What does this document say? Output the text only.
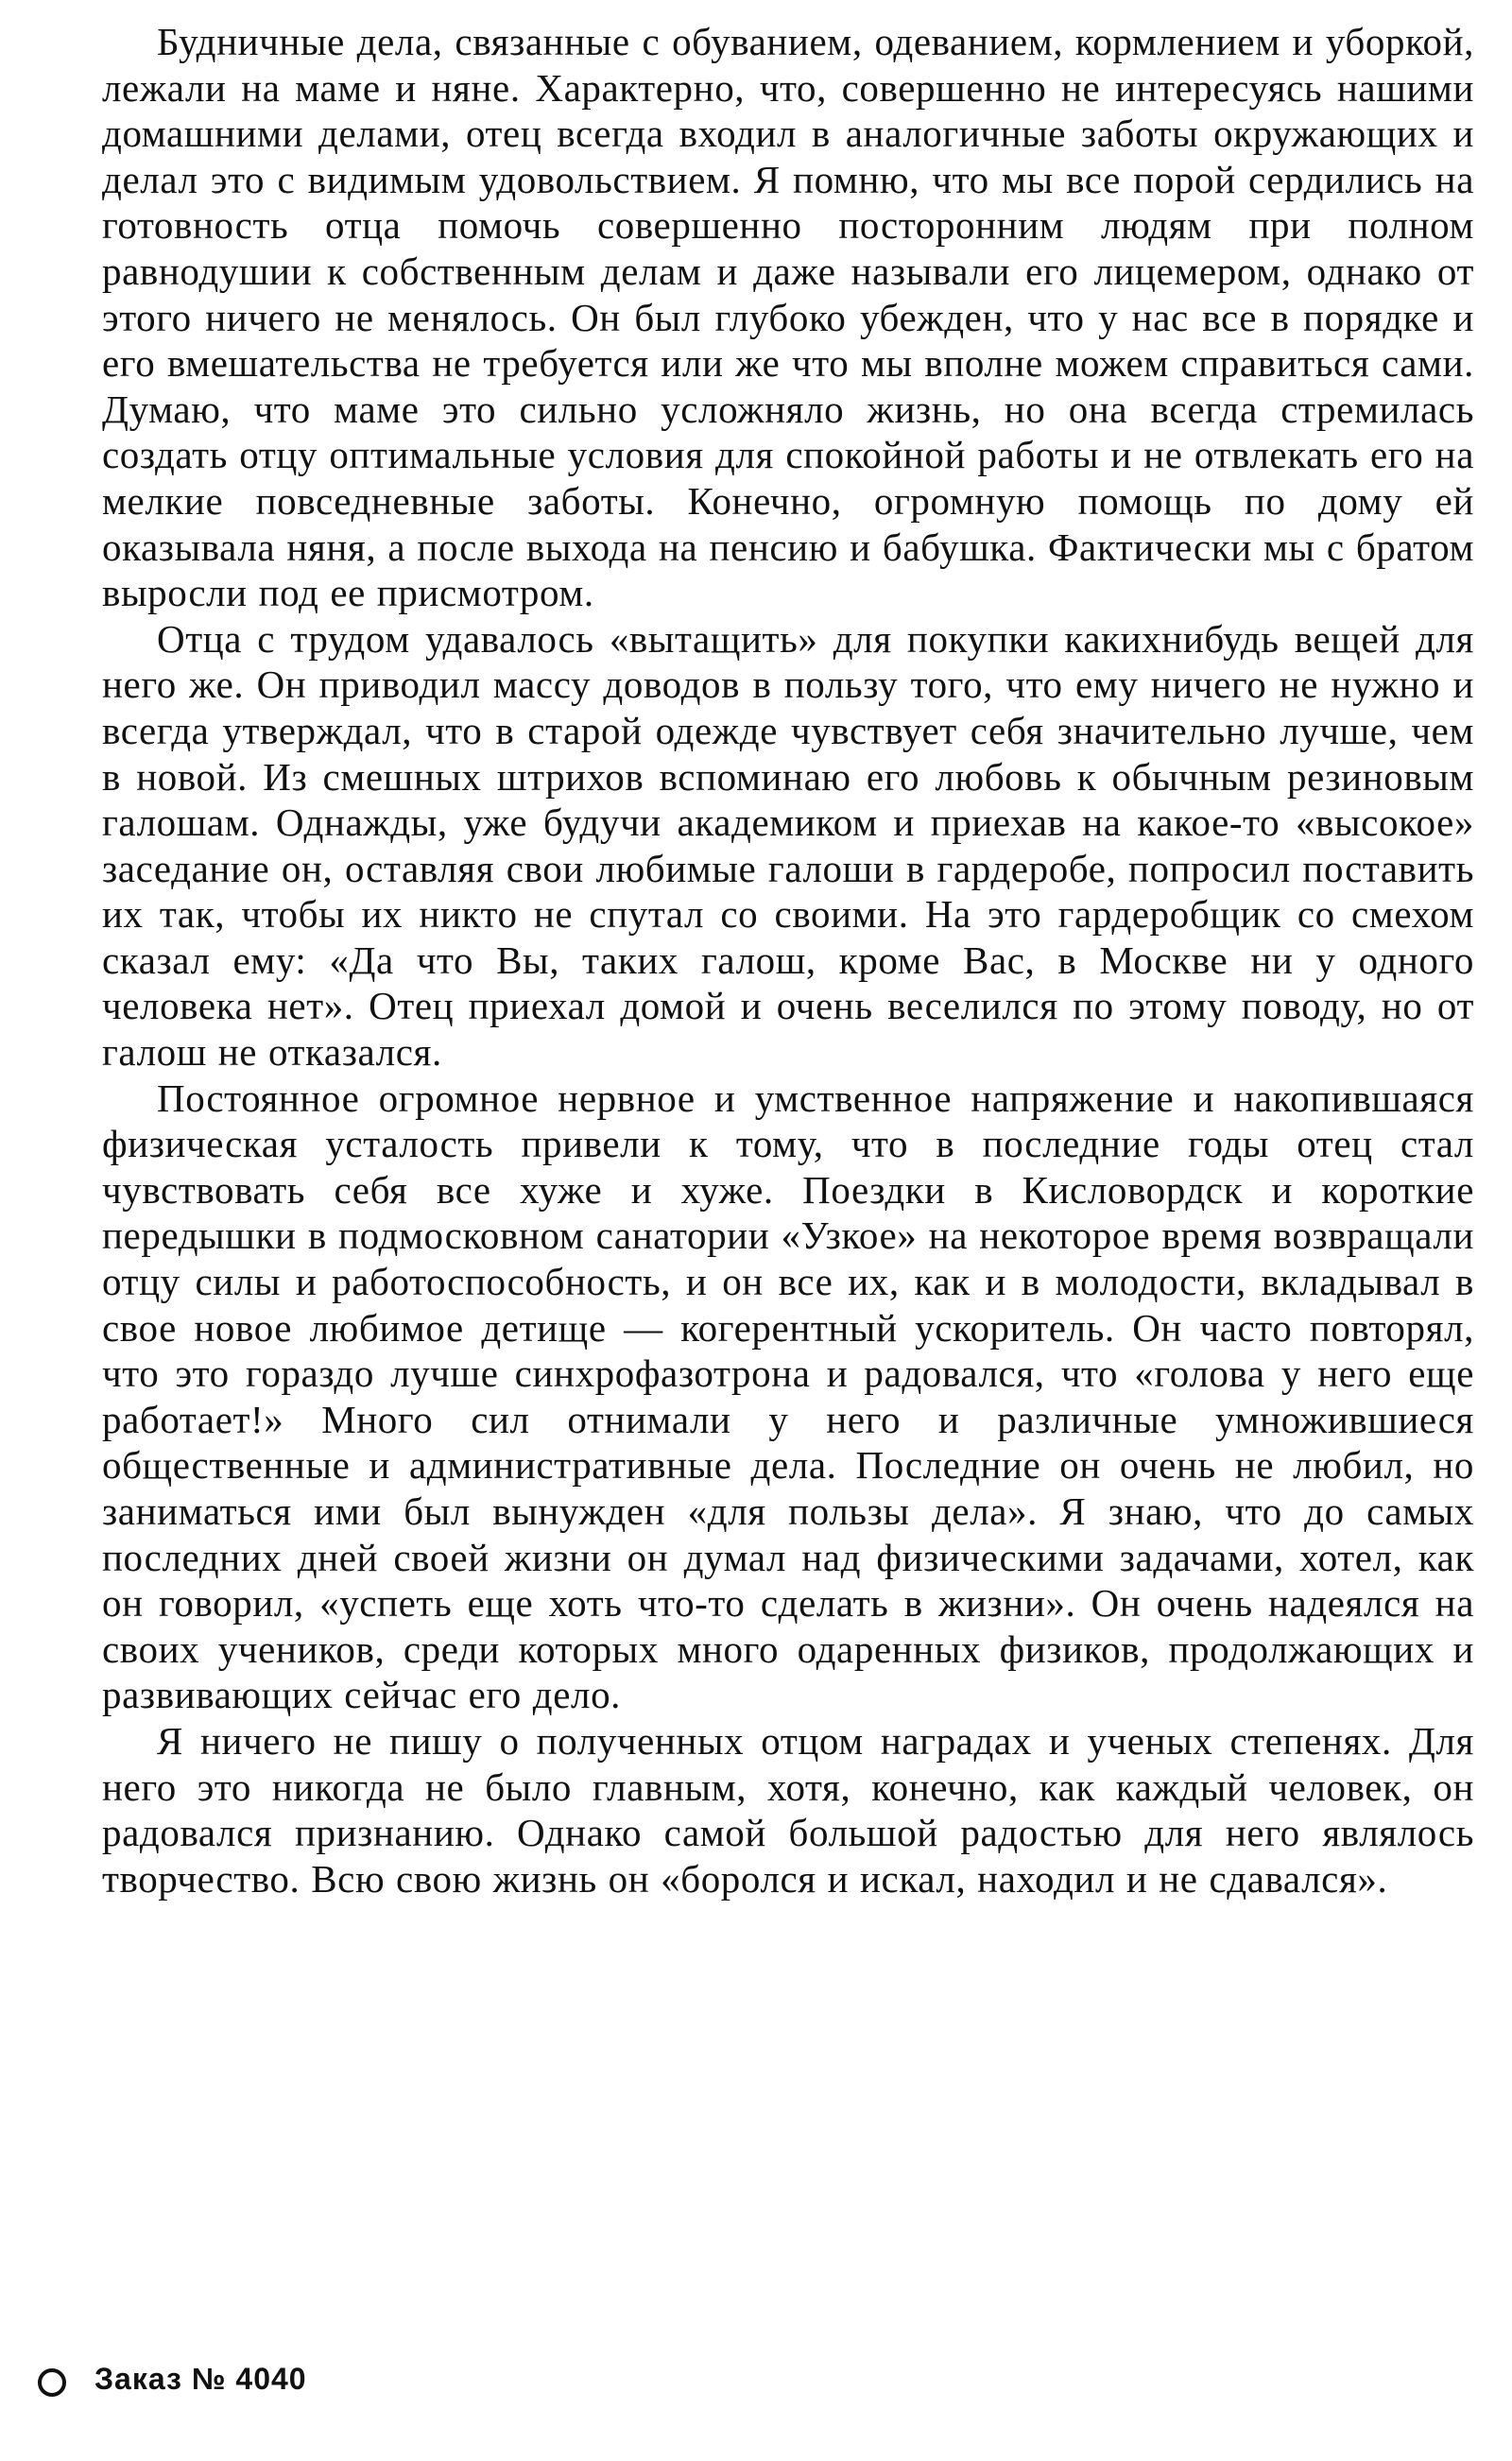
Будничные дела, связанные с обуванием, одеванием, кормлением и уборкой, лежали на маме и няне. Характерно, что, совершенно не интересуясь нашими домашними делами, отец всегда входил в аналогичные заботы окружающих и делал это с видимым удовольствием. Я помню, что мы все порой сердились на готовность отца помочь совершенно посторонним людям при полном равнодушии к собственным делам и даже называли его лицемером, однако от этого ничего не менялось. Он был глубоко убежден, что у нас все в порядке и его вмешательства не требуется или же что мы вполне можем справиться сами. Думаю, что маме это сильно усложняло жизнь, но она всегда стремилась создать отцу оптимальные условия для спокойной работы и не отвлекать его на мелкие повседневные заботы. Конечно, огромную помощь по дому ей оказывала няня, а после выхода на пенсию и бабушка. Фактически мы с братом выросли под ее присмотром.

Отца с трудом удавалось «вытащить» для покупки какихнибудь вещей для него же. Он приводил массу доводов в пользу того, что ему ничего не нужно и всегда утверждал, что в старой одежде чувствует себя значительно лучше, чем в новой. Из смешных штрихов вспоминаю его любовь к обычным резиновым галошам. Однажды, уже будучи академиком и приехав на какое-то «высокое» заседание он, оставляя свои любимые галоши в гардеробе, попросил поставить их так, чтобы их никто не спутал со своими. На это гардеробщик со смехом сказал ему: «Да что Вы, таких галош, кроме Вас, в Москве ни у одного человека нет». Отец приехал домой и очень веселился по этому поводу, но от галош не отказался.

Постоянное огромное нервное и умственное напряжение и накопившаяся физическая усталость привели к тому, что в последние годы отец стал чувствовать себя все хуже и хуже. Поездки в Кисловордск и короткие передышки в подмосковном санатории «Узкое» на некоторое время возвращали отцу силы и работоспособность, и он все их, как и в молодости, вкладывал в свое новое любимое детище — когерентный ускоритель. Он часто повторял, что это гораздо лучше синхрофазотрона и радовался, что «голова у него еще работает!» Много сил отнимали у него и различные умножившиеся общественные и административные дела. Последние он очень не любил, но заниматься ими был вынужден «для пользы дела». Я знаю, что до самых последних дней своей жизни он думал над физическими задачами, хотел, как он говорил, «успеть еще хоть что-то сделать в жизни». Он очень надеялся на своих учеников, среди которых много одаренных физиков, продолжающих и развивающих сейчас его дело.

Я ничего не пишу о полученных отцом наградах и ученых степенях. Для него это никогда не было главным, хотя, конечно, как каждый человек, он радовался признанию. Однако самой большой радостью для него являлось творчество. Всю свою жизнь он «боролся и искал, находил и не сдавался».

Заказ № 4040
